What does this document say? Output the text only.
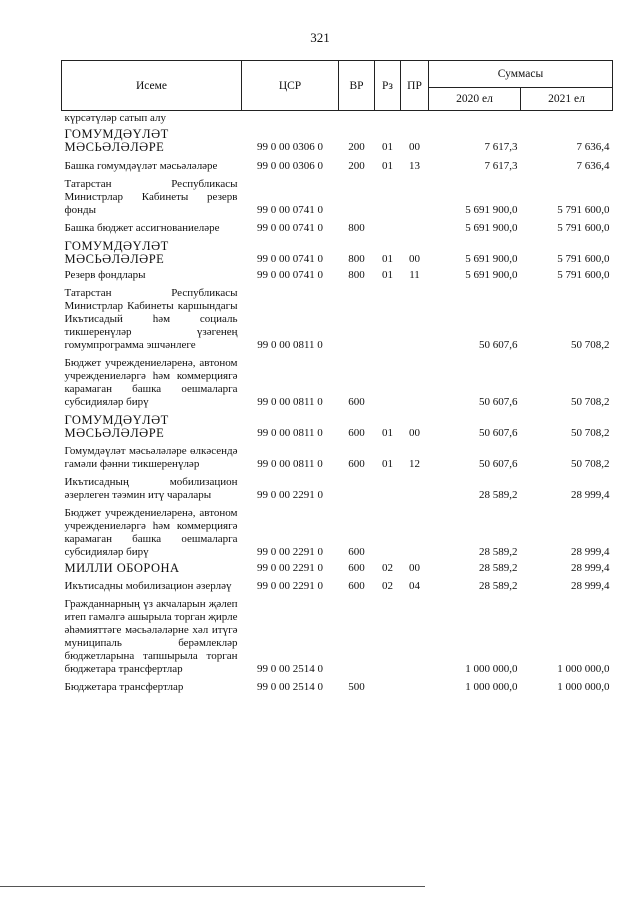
321
Исеме	ЦСР	ВР	Рз	ПР	Суммасы	
					2020 ел	2021 ел
күрсәтүләр сатып алу						
ГОМУМДӘҮЛӘТ МӘСЬӘЛӘЛӘРЕ	99 0 00 0306 0	200	01	00	7 617,3	7 636,4
Башка гомумдәүләт мәсьәләләре	99 0 00 0306 0	200	01	13	7 617,3	7 636,4
Татарстан Республикасы Министрлар Кабинеты резерв фонды	99 0 00 0741 0				5 691 900,0	5 791 600,0
Башка бюджет ассигнованиеләре	99 0 00 0741 0	800			5 691 900,0	5 791 600,0
ГОМУМДӘҮЛӘТ МӘСЬӘЛӘЛӘРЕ	99 0 00 0741 0	800	01	00	5 691 900,0	5 791 600,0
Резерв фондлары	99 0 00 0741 0	800	01	11	5 691 900,0	5 791 600,0
Татарстан Республикасы Министрлар Кабинеты каршындагы Икътисадый һәм социаль тикшеренүләр үзәгенең гомумпрограмма эшчәнлеге	99 0 00 0811 0				50 607,6	50 708,2
Бюджет учреждениеләренә, автоном учреждениеләргә һәм коммерциягә карамаган башка оешмаларга субсидияләр бирү	99 0 00 0811 0	600			50 607,6	50 708,2
ГОМУМДӘҮЛӘТ МӘСЬӘЛӘЛӘРЕ	99 0 00 0811 0	600	01	00	50 607,6	50 708,2
Гомумдәүләт мәсьәләләре өлкәсендә гамәли фәнни тикшеренүләр	99 0 00 0811 0	600	01	12	50 607,6	50 708,2
Икътисадның мобилизацион әзерлеген тәэмин итү чаралары	99 0 00 2291 0				28 589,2	28 999,4
Бюджет учреждениеләренә, автоном учреждениеләргә һәм коммерциягә карамаган башка оешмаларга субсидияләр бирү	99 0 00 2291 0	600			28 589,2	28 999,4
МИЛЛИ ОБОРОНА	99 0 00 2291 0	600	02	00	28 589,2	28 999,4
Икътисадны мобилизацион әзерләү	99 0 00 2291 0	600	02	04	28 589,2	28 999,4
Гражданнарның үз акчаларын җәлеп итеп гамәлгә ашырыла торган җирле әһәмияттәге мәсьәләләрне хәл итүгә муниципаль берәмлекләр бюджетларына тапшырыла торган бюджетара трансфертлар	99 0 00 2514 0				1 000 000,0	1 000 000,0
Бюджетара трансфертлар	99 0 00 2514 0	500			1 000 000,0	1 000 000,0
